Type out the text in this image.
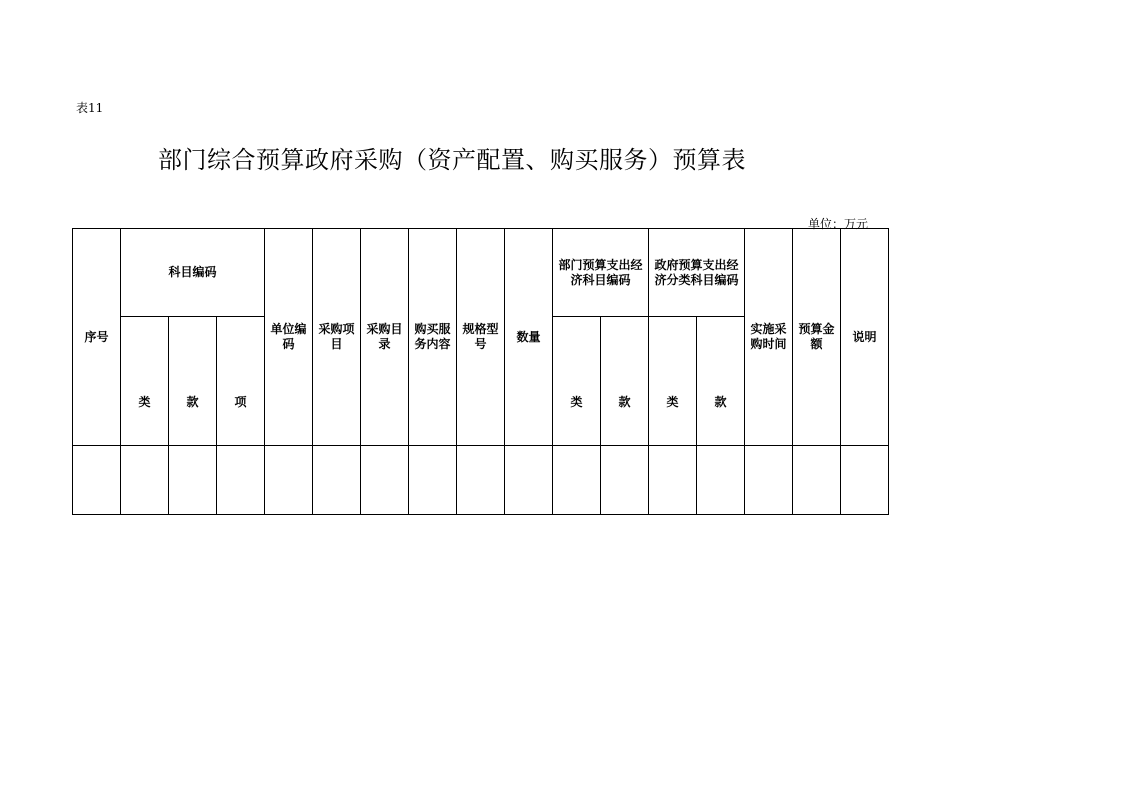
表11
部门综合预算政府采购（资产配置、购买服务）预算表
单位：万元
序号	科目编码			单位编码	采购项目	采购目录	购买服务内容	规格型号	数量	部门预算支出经济科目编码		政府预算支出经济分类科目编码		实施采购时间	预算金额	说明
	类	款	项							类	款	类	款			
